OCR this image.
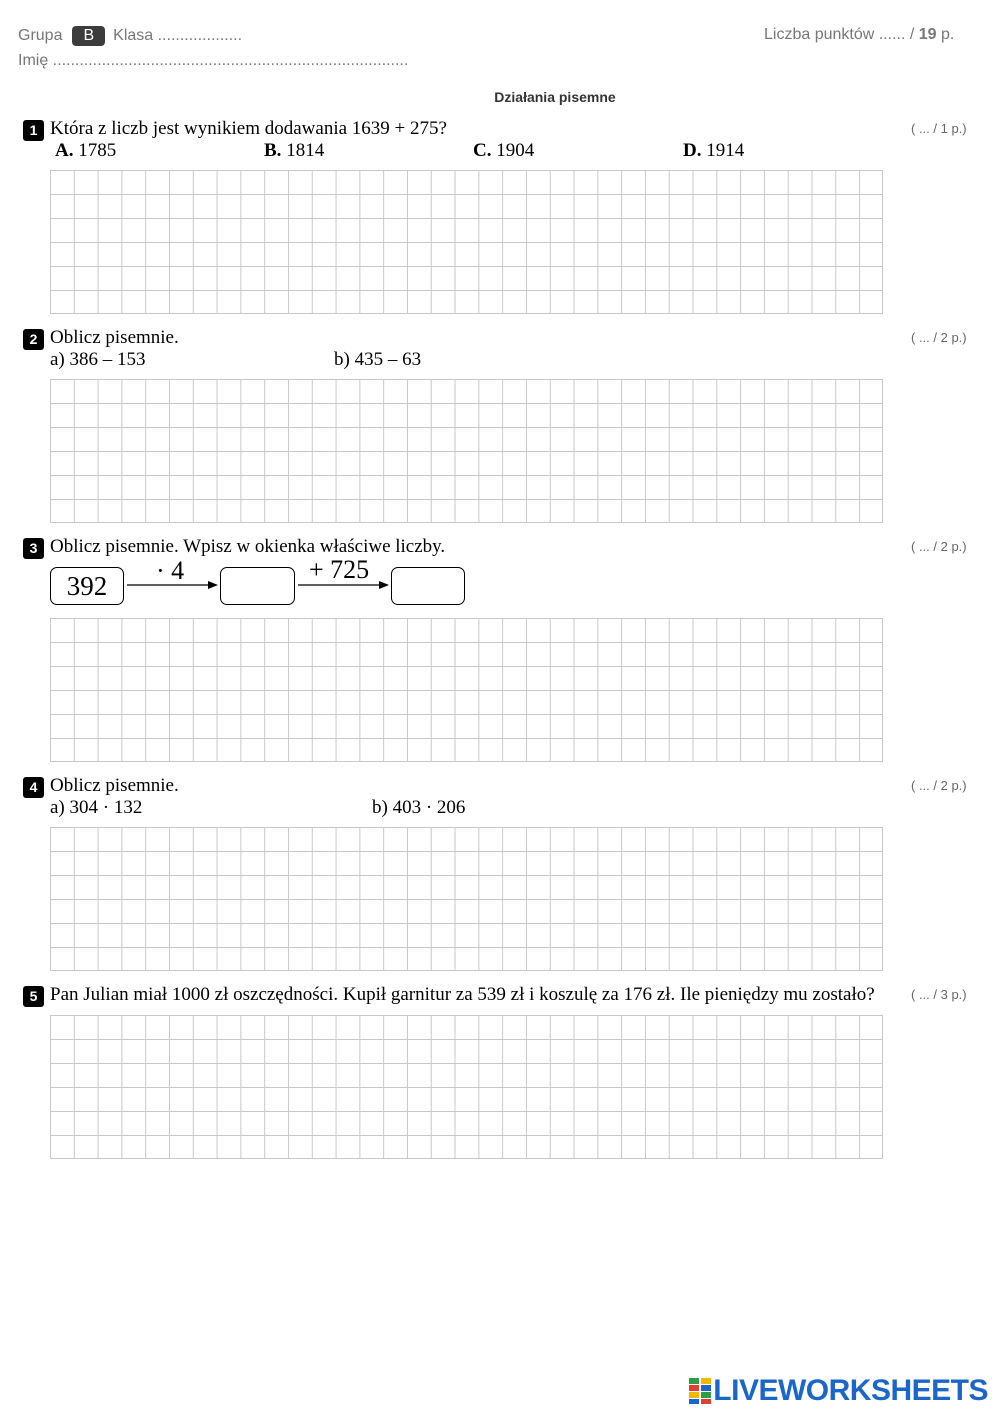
Grupa B Klasa ...................	Liczba punktów ...... / 19 p.
Imię ................................................................................
Działania pisemne
1 Która z liczb jest wynikiem dodawania 1639 + 275?	( ... / 1 p.)
A. 1785	B. 1814	C. 1904	D. 1914
2 Oblicz pisemnie.	( ... / 2 p.)
a) 386 – 153	b) 435 – 63
3 Oblicz pisemnie. Wpisz w okienka właściwe liczby.	( ... / 2 p.)
392
· 4	+ 725
4 Oblicz pisemnie.	( ... / 2 p.)
a) 304 · 132	b) 403 · 206
5 Pan Julian miał 1000 zł oszczędności. Kupił garnitur za 539 zł i koszulę za 176 zł. Ile pieniędzy mu zostało?	( ... / 3 p.)
LIVEWORKSHEETS
